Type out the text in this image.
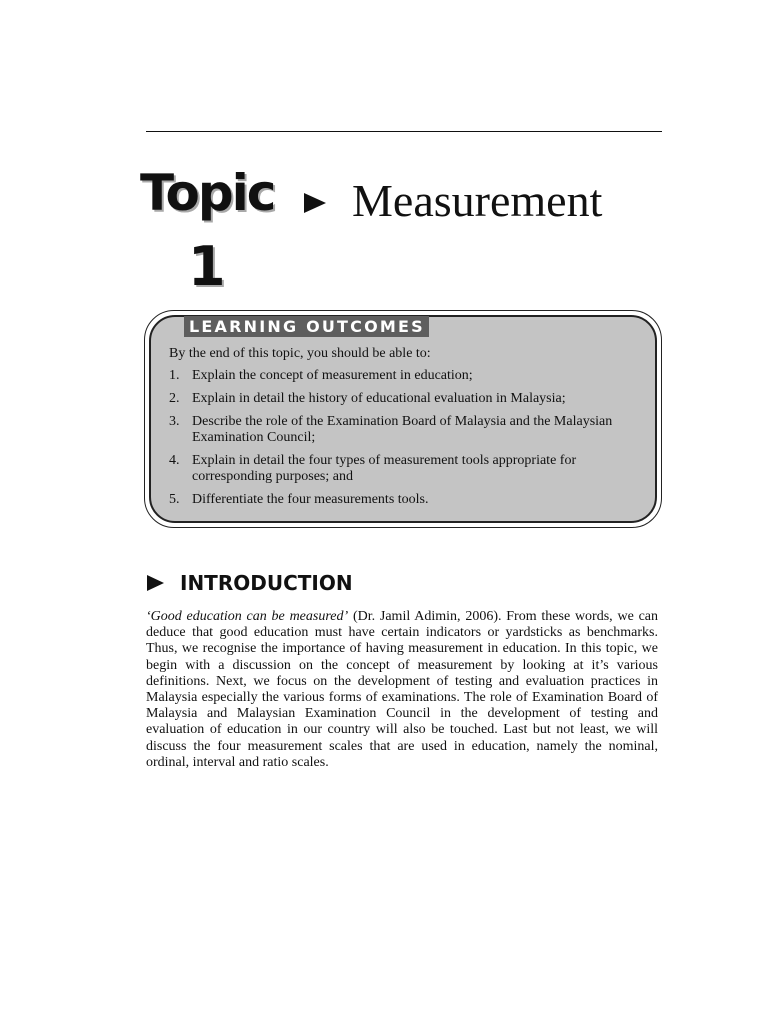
Topic
1
Measurement
LEARNING OUTCOMES
By the end of this topic, you should be able to:
1. Explain the concept of measurement in education;
2. Explain in detail the history of educational evaluation in Malaysia;
3. Describe the role of the Examination Board of Malaysia and the Malaysian Examination Council;
4. Explain in detail the four types of measurement tools appropriate for corresponding purposes; and
5. Differentiate the four measurements tools.
INTRODUCTION

‘Good education can be measured’ (Dr. Jamil Adimin, 2006). From these words, we can deduce that good education must have certain indicators or yardsticks as benchmarks. Thus, we recognise the importance of having measurement in education. In this topic, we begin with a discussion on the concept of measurement by looking at it’s various definitions. Next, we focus on the development of testing and evaluation practices in Malaysia especially the various forms of examinations. The role of Examination Board of Malaysia and Malaysian Examination Council in the development of testing and evaluation of education in our country will also be touched. Last but not least, we will discuss the four measurement scales that are used in education, namely the nominal, ordinal, interval and ratio scales.
